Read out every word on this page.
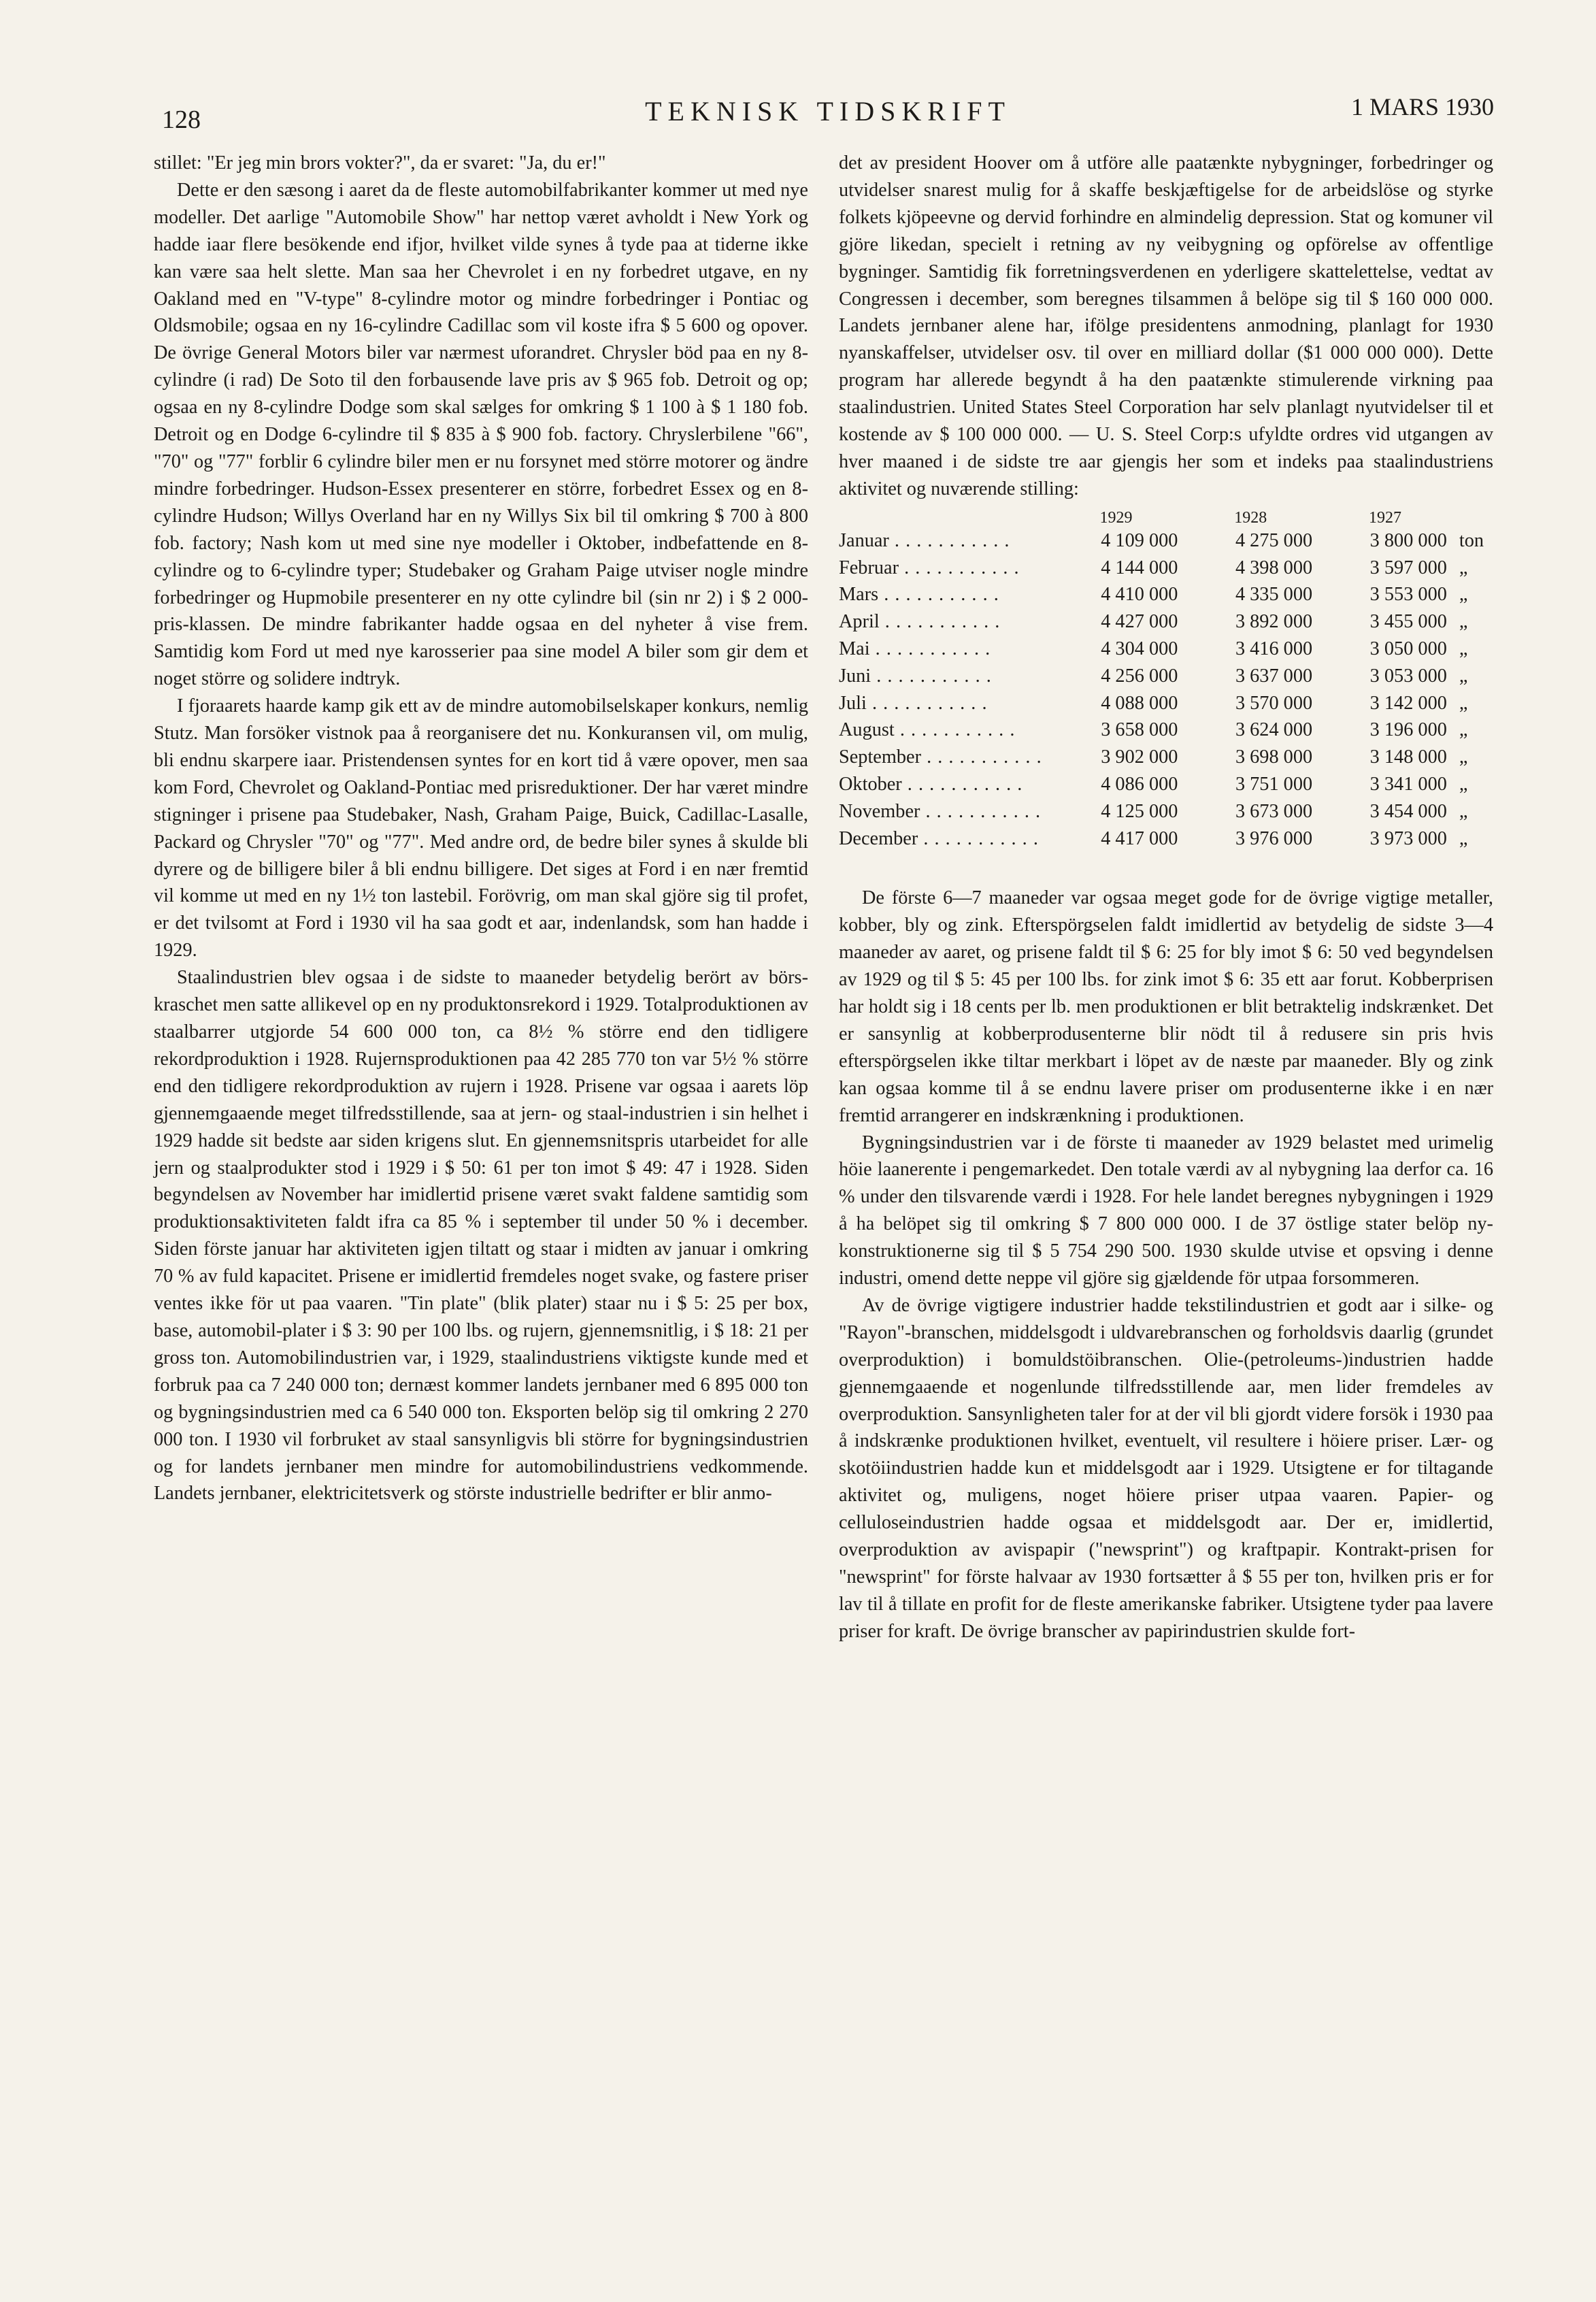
128	TEKNISK TIDSKRIFT	1 MARS 1930

stillet: "Er jeg min brors vokter?", da er svaret: "Ja, du er!"

Dette er den sæsong i aaret da de fleste automobilfabrikanter kommer ut med nye modeller. Det aarlige "Automobile Show" har nettop været avholdt i New York og hadde iaar flere besökende end ifjor, hvilket vilde synes å tyde paa at tiderne ikke kan være saa helt slette. Man saa her Chevrolet i en ny forbedret utgave, en ny Oakland med en "V-type" 8-cylindre motor og mindre forbedringer i Pontiac og Oldsmobile; ogsaa en ny 16-cylindre Cadillac som vil koste ifra $ 5 600 og opover. De övrige General Motors biler var nærmest uforandret. Chrysler böd paa en ny 8-cylindre (i rad) De Soto til den forbausende lave pris av $ 965 fob. Detroit og op; ogsaa en ny 8-cylindre Dodge som skal sælges for omkring $ 1 100 à $ 1 180 fob. Detroit og en Dodge 6-cylindre til $ 835 à $ 900 fob. factory. Chryslerbilene "66", "70" og "77" forblir 6 cylindre biler men er nu forsynet med större motorer og ändre mindre forbedringer. Hudson-Essex presenterer en större, forbedret Essex og en 8-cylindre Hudson; Willys Overland har en ny Willys Six bil til omkring $ 700 à 800 fob. factory; Nash kom ut med sine nye modeller i Oktober, indbefattende en 8-cylindre og to 6-cylindre typer; Studebaker og Graham Paige utviser nogle mindre forbedringer og Hupmobile presenterer en ny otte cylindre bil (sin nr 2) i $ 2 000-pris-klassen. De mindre fabrikanter hadde ogsaa en del nyheter å vise frem. Samtidig kom Ford ut med nye karosserier paa sine model A biler som gir dem et noget större og solidere indtryk.

I fjoraarets haarde kamp gik ett av de mindre automobilselskaper konkurs, nemlig Stutz. Man forsöker vistnok paa å reorganisere det nu. Konkuransen vil, om mulig, bli endnu skarpere iaar. Pristendensen syntes for en kort tid å være opover, men saa kom Ford, Chevrolet og Oakland-Pontiac med prisreduktioner. Der har været mindre stigninger i prisene paa Studebaker, Nash, Graham Paige, Buick, Cadillac-Lasalle, Packard og Chrysler "70" og "77". Med andre ord, de bedre biler synes å skulde bli dyrere og de billigere biler å bli endnu billigere. Det siges at Ford i en nær fremtid vil komme ut med en ny 1½ ton lastebil. Forövrig, om man skal gjöre sig til profet, er det tvilsomt at Ford i 1930 vil ha saa godt et aar, indenlandsk, som han hadde i 1929.

Staalindustrien blev ogsaa i de sidste to maaneder betydelig berört av börs-kraschet men satte allikevel op en ny produktonsrekord i 1929. Totalproduktionen av staalbarrer utgjorde 54 600 000 ton, ca 8½ % större end den tidligere rekordproduktion i 1928. Rujernsproduktionen paa 42 285 770 ton var 5½ % större end den tidligere rekordproduktion av rujern i 1928. Prisene var ogsaa i aarets löp gjennemgaaende meget tilfredsstillende, saa at jern- og staal-industrien i sin helhet i 1929 hadde sit bedste aar siden krigens slut. En gjennemsnitspris utarbeidet for alle jern og staalprodukter stod i 1929 i $ 50: 61 per ton imot $ 49: 47 i 1928. Siden begyndelsen av November har imidlertid prisene været svakt faldene samtidig som produktionsaktiviteten faldt ifra ca 85 % i september til under 50 % i december. Siden förste januar har aktiviteten igjen tiltatt og staar i midten av januar i omkring 70 % av fuld kapacitet. Prisene er imidlertid fremdeles noget svake, og fastere priser ventes ikke för ut paa vaaren. "Tin plate" (blik plater) staar nu i $ 5: 25 per box, base, automobil-plater i $ 3: 90 per 100 lbs. og rujern, gjennemsnitlig, i $ 18: 21 per gross ton. Automobilindustrien var, i 1929, staalindustriens viktigste kunde med et forbruk paa ca 7 240 000 ton; dernæst kommer landets jernbaner med 6 895 000 ton og bygningsindustrien med ca 6 540 000 ton. Eksporten belöp sig til omkring 2 270 000 ton. I 1930 vil forbruket av staal sansynligvis bli större for bygningsindustrien og for landets jernbaner men mindre for automobilindustriens vedkommende. Landets jernbaner, elektricitetsverk og störste industrielle bedrifter er blir anmo-

det av president Hoover om å utföre alle paatænkte nybygninger, forbedringer og utvidelser snarest mulig for å skaffe beskjæftigelse for de arbeidslöse og styrke folkets kjöpeevne og dervid forhindre en almindelig depression. Stat og komuner vil gjöre likedan, specielt i retning av ny veibygning og opförelse av offentlige bygninger. Samtidig fik forretningsverdenen en yderligere skattelettelse, vedtat av Congressen i december, som beregnes tilsammen å belöpe sig til $ 160 000 000. Landets jernbaner alene har, ifölge presidentens anmodning, planlagt for 1930 nyanskaffelser, utvidelser osv. til over en milliard dollar ($1 000 000 000). Dette program har allerede begyndt å ha den paatænkte stimulerende virkning paa staalindustrien. United States Steel Corporation har selv planlagt nyutvidelser til et kostende av $ 100 000 000. — U. S. Steel Corp:s ufyldte ordres vid utgangen av hver maaned i de sidste tre aar gjengis her som et indeks paa staalindustriens aktivitet og nuværende stilling:

	1929	1928	1927	
Januar . . .	4 109 000	4 275 000	3 800 000	ton
Februar . . .	4 144 000	4 398 000	3 597 000	„
Mars . . .	4 410 000	4 335 000	3 553 000	„
April . . .	4 427 000	3 892 000	3 455 000	„
Mai . . .	4 304 000	3 416 000	3 050 000	„
Juni . . .	4 256 000	3 637 000	3 053 000	„
Juli . . .	4 088 000	3 570 000	3 142 000	„
August . . .	3 658 000	3 624 000	3 196 000	„
September . . .	3 902 000	3 698 000	3 148 000	„
Oktober . . .	4 086 000	3 751 000	3 341 000	„
November . . .	4 125 000	3 673 000	3 454 000	„
December . . .	4 417 000	3 976 000	3 973 000	„

De förste 6—7 maaneder var ogsaa meget gode for de övrige vigtige metaller, kobber, bly og zink. Efterspörgselen faldt imidlertid av betydelig de sidste 3—4 maaneder av aaret, og prisene faldt til $ 6: 25 for bly imot $ 6: 50 ved begyndelsen av 1929 og til $ 5: 45 per 100 lbs. for zink imot $ 6: 35 ett aar forut. Kobberprisen har holdt sig i 18 cents per lb. men produktionen er blit betraktelig indskrænket. Det er sansynlig at kobberprodusenterne blir nödt til å redusere sin pris hvis efterspörgselen ikke tiltar merkbart i löpet av de næste par maaneder. Bly og zink kan ogsaa komme til å se endnu lavere priser om produsenterne ikke i en nær fremtid arrangerer en indskrænkning i produktionen.

Bygningsindustrien var i de förste ti maaneder av 1929 belastet med urimelig höie laanerente i pengemarkedet. Den totale værdi av al nybygning laa derfor ca. 16 % under den tilsvarende værdi i 1928. For hele landet beregnes nybygningen i 1929 å ha belöpet sig til omkring $ 7 800 000 000. I de 37 östlige stater belöp ny-konstruktionerne sig til $ 5 754 290 500. 1930 skulde utvise et opsving i denne industri, omend dette neppe vil gjöre sig gjældende för utpaa forsommeren.

Av de övrige vigtigere industrier hadde tekstilindustrien et godt aar i silke- og "Rayon"-branschen, middelsgodt i uldvarebranschen og forholdsvis daarlig (grundet overproduktion) i bomuldstöibranschen. Olie-(petroleums-)industrien hadde gjennemgaaende et nogenlunde tilfredsstillende aar, men lider fremdeles av overproduktion. Sansynligheten taler for at der vil bli gjordt videre forsök i 1930 paa å indskrænke produktionen hvilket, eventuelt, vil resultere i höiere priser. Lær- og skotöiindustrien hadde kun et middelsgodt aar i 1929. Utsigtene er for tiltagande aktivitet og, muligens, noget höiere priser utpaa vaaren. Papier- og celluloseindustrien hadde ogsaa et middelsgodt aar. Der er, imidlertid, overproduktion av avispapir ("newsprint") og kraftpapir. Kontrakt-prisen for "newsprint" for förste halvaar av 1930 fortsætter å $ 55 per ton, hvilken pris er for lav til å tillate en profit for de fleste amerikanske fabriker. Utsigtene tyder paa lavere priser for kraft. De övrige branscher av papirindustrien skulde fort-
